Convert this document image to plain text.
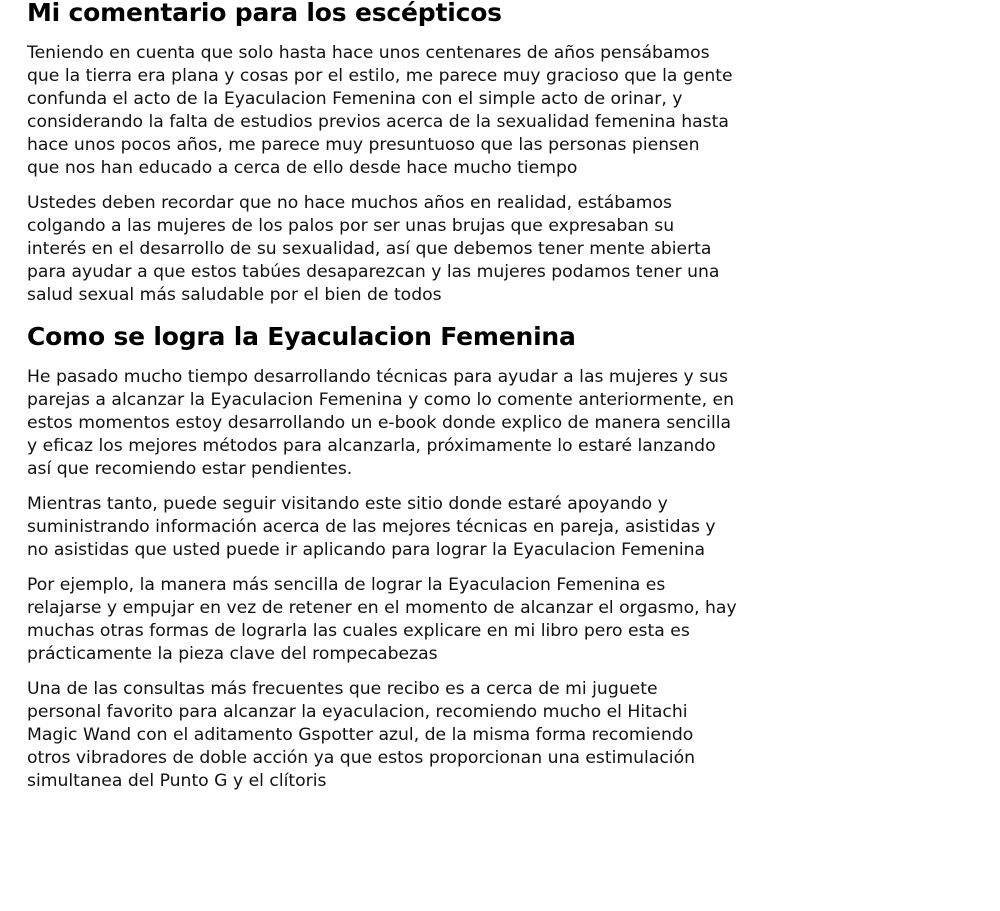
Mi comentario para los escépticos

Teniendo en cuenta que solo hasta hace unos centenares de años pensábamos que la tierra era plana y cosas por el estilo, me parece muy gracioso que la gente confunda el acto de la Eyaculacion Femenina con el simple acto de orinar, y considerando la falta de estudios previos acerca de la sexualidad femenina hasta hace unos pocos años, me parece muy presuntuoso que las personas piensen que nos han educado a cerca de ello desde hace mucho tiempo

Ustedes deben recordar que no hace muchos años en realidad, estábamos colgando a las mujeres de los palos por ser unas brujas que expresaban su interés en el desarrollo de su sexualidad, así que debemos tener mente abierta para ayudar a que estos tabúes desaparezcan y las mujeres podamos tener una salud sexual más saludable por el bien de todos

Como se logra la Eyaculacion Femenina

He pasado mucho tiempo desarrollando técnicas para ayudar a las mujeres y sus parejas a alcanzar la Eyaculacion Femenina y como lo comente anteriormente, en estos momentos estoy desarrollando un e-book donde explico de manera sencilla y eficaz los mejores métodos para alcanzarla, próximamente lo estaré lanzando así que recomiendo estar pendientes.

Mientras tanto, puede seguir visitando este sitio donde estaré apoyando y suministrando información acerca de las mejores técnicas en pareja, asistidas y no asistidas que usted puede ir aplicando para lograr la Eyaculacion Femenina

Por ejemplo, la manera más sencilla de lograr la Eyaculacion Femenina es relajarse y empujar en vez de retener en el momento de alcanzar el orgasmo, hay muchas otras formas de lograrla las cuales explicare en mi libro pero esta es prácticamente la pieza clave del rompecabezas

Una de las consultas más frecuentes que recibo es a cerca de mi juguete personal favorito para alcanzar la eyaculacion, recomiendo mucho el Hitachi Magic Wand con el aditamento Gspotter azul, de la misma forma recomiendo otros vibradores de doble acción ya que estos proporcionan una estimulación simultanea del Punto G y el clítoris
